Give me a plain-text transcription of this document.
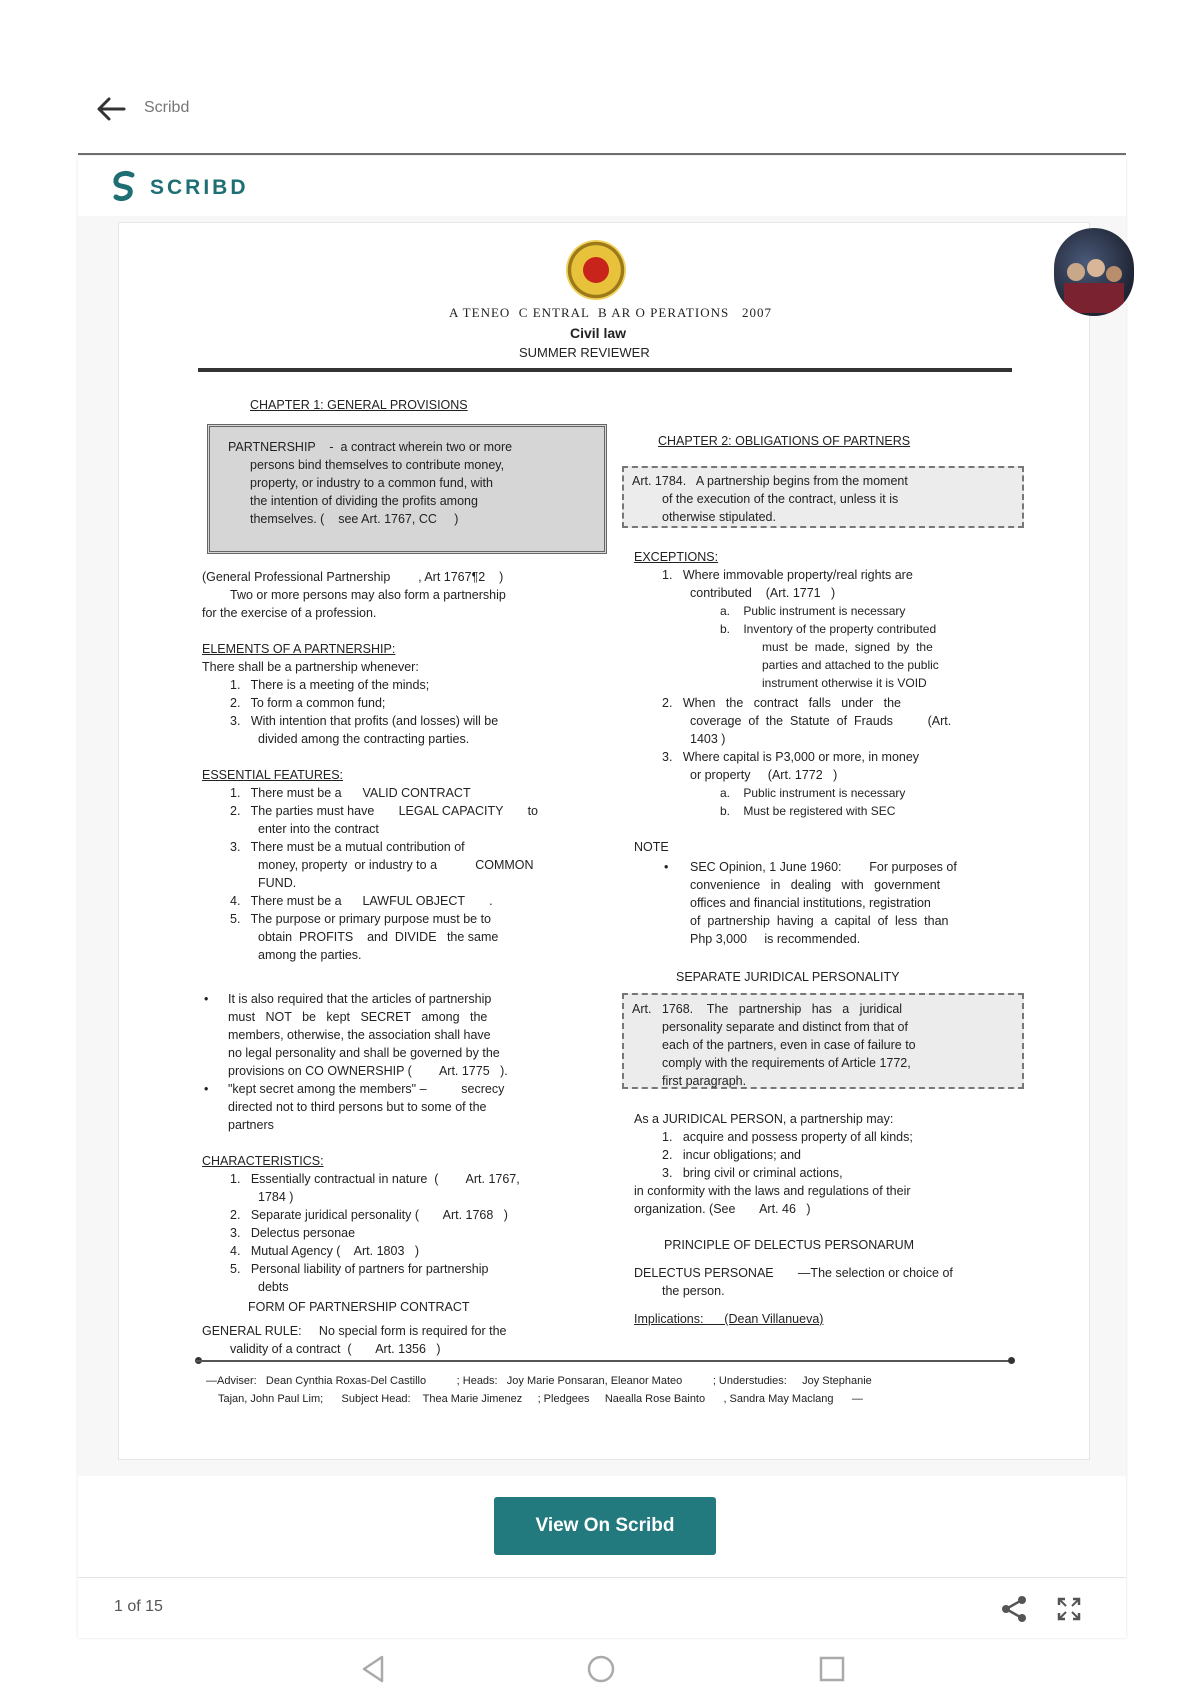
Scribd
SCRIBD
A TENEO  C ENTRAL  B AR O PERATIONS   2007
Civil law
SUMMER REVIEWER
CHAPTER 1: GENERAL PROVISIONS
PARTNERSHIP    -  a contract wherein two or more
persons bind themselves to contribute money,
property, or industry to a common fund, with
the intention of dividing the profits among
themselves. (    see Art. 1767, CC     )
(General Professional Partnership        , Art 1767¶2    )
Two or more persons may also form a partnership
for the exercise of a profession.
ELEMENTS OF A PARTNERSHIP:
There shall be a partnership whenever:
1.   There is a meeting of the minds;
2.   To form a common fund;
3.   With intention that profits (and losses) will be
divided among the contracting parties.
ESSENTIAL FEATURES:
1.   There must be a      VALID CONTRACT
2.   The parties must have       LEGAL CAPACITY       to
enter into the contract
3.   There must be a mutual contribution of
money, property  or industry to a           COMMON
FUND.
4.   There must be a      LAWFUL OBJECT       .
5.   The purpose or primary purpose must be to
obtain  PROFITS    and  DIVIDE   the same
among the parties.
• It is also required that the articles of partnership
must   NOT   be   kept   SECRET   among   the
members, otherwise, the association shall have
no legal personality and shall be governed by the
provisions on CO OWNERSHIP (        Art. 1775   ).
• "kept secret among the members" –          secrecy
directed not to third persons but to some of the
partners
CHARACTERISTICS:
1.   Essentially contractual in nature  (        Art. 1767,
1784 )
2.   Separate juridical personality (       Art. 1768   )
3.   Delectus personae
4.   Mutual Agency (    Art. 1803   )
5.   Personal liability of partners for partnership
debts
FORM OF PARTNERSHIP CONTRACT
GENERAL RULE:     No special form is required for the
validity of a contract  (       Art. 1356   )
CHAPTER 2: OBLIGATIONS OF PARTNERS
Art. 1784.   A partnership begins from the moment
of the execution of the contract, unless it is
otherwise stipulated.
EXCEPTIONS:
1.   Where immovable property/real rights are
contributed    (Art. 1771   )
a.    Public instrument is necessary
b.    Inventory of the property contributed
must  be  made,  signed  by  the
parties and attached to the public
instrument otherwise it is VOID
2.   When   the   contract   falls   under   the
coverage  of  the  Statute  of  Frauds          (Art.
1403 )
3.   Where capital is P3,000 or more, in money
or property     (Art. 1772   )
a.    Public instrument is necessary
b.    Must be registered with SEC
NOTE
• SEC Opinion, 1 June 1960:        For purposes of
convenience   in   dealing   with   government
offices and financial institutions, registration
of  partnership  having  a  capital  of  less  than
Php 3,000     is recommended.
SEPARATE JURIDICAL PERSONALITY
Art.   1768.    The   partnership   has   a   juridical
personality separate and distinct from that of
each of the partners, even in case of failure to
comply with the requirements of Article 1772,
first paragraph.
As a JURIDICAL PERSON, a partnership may:
1.   acquire and possess property of all kinds;
2.   incur obligations; and
3.   bring civil or criminal actions,
in conformity with the laws and regulations of their
organization. (See       Art. 46   )
PRINCIPLE OF DELECTUS PERSONARUM
DELECTUS PERSONAE       —The selection or choice of
the person.
Implications:      (Dean Villanueva)
—Adviser:   Dean Cynthia Roxas-Del Castillo          ; Heads:   Joy Marie Ponsaran, Eleanor Mateo          ; Understudies:     Joy Stephanie
Tajan, John Paul Lim;      Subject Head:    Thea Marie Jimenez     ; Pledgees     Naealla Rose Bainto      , Sandra May Maclang      —
View On Scribd
1 of 15
